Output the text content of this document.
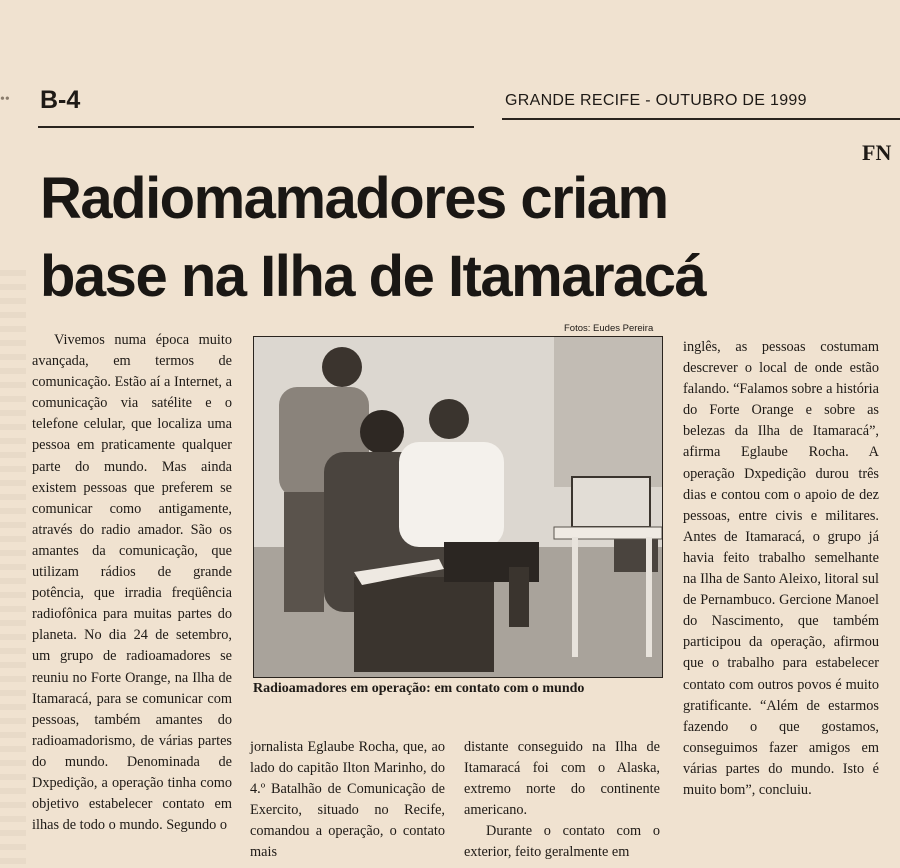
•• B-4	GRANDE RECIFE - OUTUBRO DE 1999
FN
Radiomamadores criam
base na Ilha de Itamaracá

Vivemos numa época muito avançada, em termos de comunicação. Estão aí a Internet, a comunicação via satélite e o telefone celular, que localiza uma pessoa em praticamente qualquer parte do mundo. Mas ainda existem pessoas que preferem se comunicar como antigamente, através do radio amador. São os amantes da comunicação, que utilizam rádios de grande potência, que irradia freqüência radiofônica para muitas partes do planeta. No dia 24 de setembro, um grupo de radioamadores se reuniu no Forte Orange, na Ilha de Itamaracá, para se comunicar com pessoas, também amantes do radioamadorismo, de várias partes do mundo. Denominada de Dxpedição, a operação tinha como objetivo estabelecer contato em ilhas de todo o mundo. Segundo o

Fotos: Eudes Pereira
Radioamadores em operação: em contato com o mundo

jornalista Eglaube Rocha, que, ao lado do capitão Ilton Marinho, do 4.º Batalhão de Comunicação de Exercito, situado no Recife, comandou a operação, o contato mais

distante conseguido na Ilha de Itamaracá foi com o Alaska, extremo norte do continente americano.

Durante o contato com o exterior, feito geralmente em

inglês, as pessoas costumam descrever o local de onde estão falando. “Falamos sobre a história do Forte Orange e sobre as belezas da Ilha de Itamaracá”, afirma Eglaube Rocha. A operação Dxpedição durou três dias e contou com o apoio de dez pessoas, entre civis e militares. Antes de Itamaracá, o grupo já havia feito trabalho semelhante na Ilha de Santo Aleixo, litoral sul de Pernambuco. Gercione Manoel do Nascimento, que também participou da operação, afirmou que o trabalho para estabelecer contato com outros povos é muito gratificante. “Além de estarmos fazendo o que gostamos, conseguimos fazer amigos em várias partes do mundo. Isto é muito bom”, concluiu.
